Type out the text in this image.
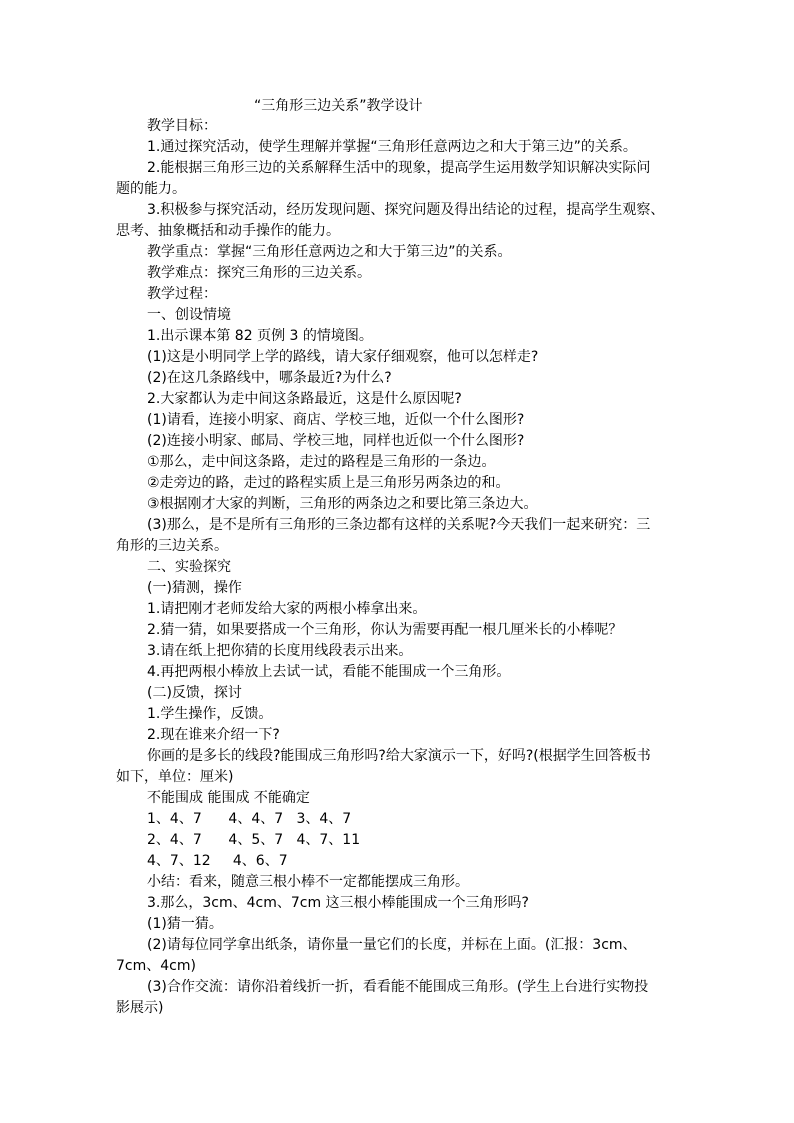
“三角形三边关系”教学设计
教学目标：
1.通过探究活动，使学生理解并掌握“三角形任意两边之和大于第三边”的关系。
2.能根据三角形三边的关系解释生活中的现象，提高学生运用数学知识解决实际问
题的能力。
3.积极参与探究活动，经历发现问题、探究问题及得出结论的过程，提高学生观察、
思考、抽象概括和动手操作的能力。
教学重点：掌握“三角形任意两边之和大于第三边”的关系。
教学难点：探究三角形的三边关系。
教学过程：
一、创设情境
1.出示课本第 82 页例 3 的情境图。
(1)这是小明同学上学的路线，请大家仔细观察，他可以怎样走?
(2)在这几条路线中，哪条最近?为什么?
2.大家都认为走中间这条路最近，这是什么原因呢?
(1)请看，连接小明家、商店、学校三地，近似一个什么图形?
(2)连接小明家、邮局、学校三地，同样也近似一个什么图形?
①那么，走中间这条路，走过的路程是三角形的一条边。
②走旁边的路，走过的路程实质上是三角形另两条边的和。
③根据刚才大家的判断，三角形的两条边之和要比第三条边大。
(3)那么，是不是所有三角形的三条边都有这样的关系呢?今天我们一起来研究：三
角形的三边关系。
二、实验探究
(一)猜测，操作
1.请把刚才老师发给大家的两根小棒拿出来。
2.猜一猜，如果要搭成一个三角形，你认为需要再配一根几厘米长的小棒呢？
3.请在纸上把你猜的长度用线段表示出来。
4.再把两根小棒放上去试一试，看能不能围成一个三角形。
(二)反馈，探讨
1.学生操作，反馈。
2.现在谁来介绍一下?
你画的是多长的线段?能围成三角形吗?给大家演示一下，好吗?(根据学生回答板书
如下，单位：厘米)
不能围成 能围成 不能确定
1、4、7      4、4、7   3、4、7
2、4、7      4、5、7   4、7、11
4、7、12     4、6、7
小结：看来，随意三根小棒不一定都能摆成三角形。
3.那么，3cm、4cm、7cm 这三根小棒能围成一个三角形吗?
(1)猜一猜。
(2)请每位同学拿出纸条，请你量一量它们的长度，并标在上面。(汇报：3cm、
7cm、4cm)
(3)合作交流：请你沿着线折一折，看看能不能围成三角形。(学生上台进行实物投
影展示)
